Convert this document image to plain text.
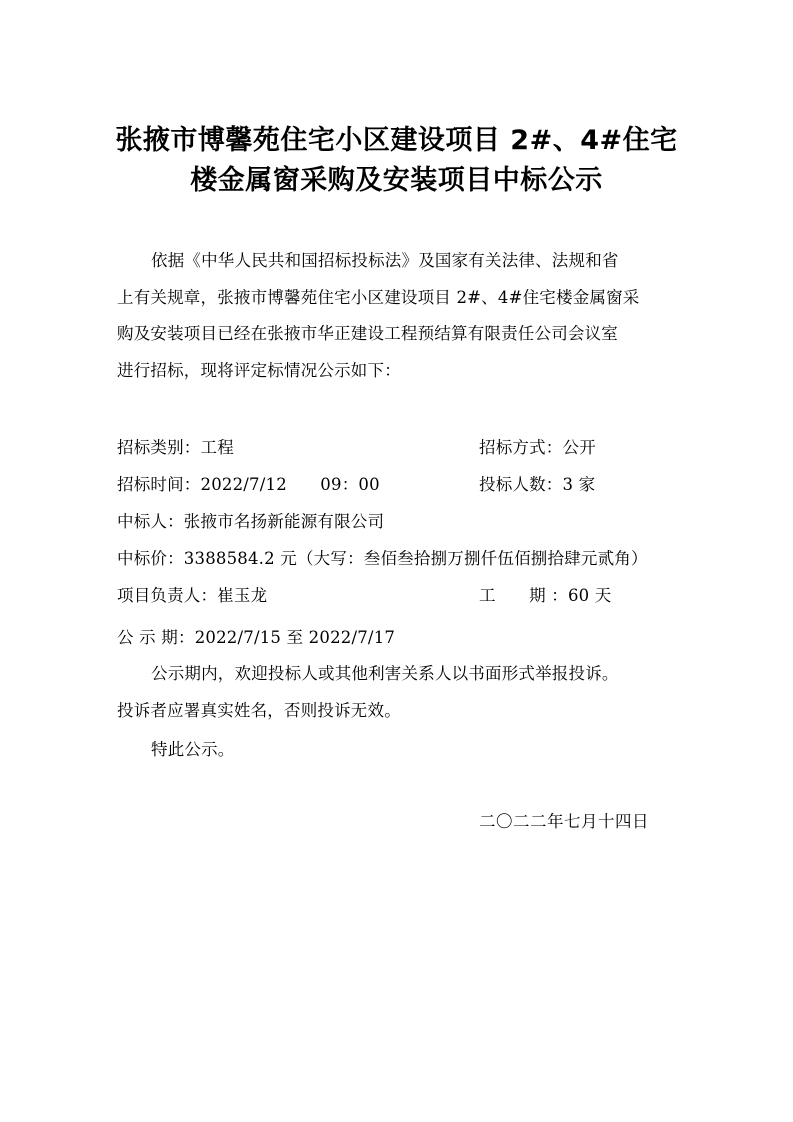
张掖市博馨苑住宅小区建设项目 2#、4#住宅
楼金属窗采购及安装项目中标公示
依据《中华人民共和国招标投标法》及国家有关法律、法规和省
上有关规章，张掖市博馨苑住宅小区建设项目 2#、4#住宅楼金属窗采
购及安装项目已经在张掖市华正建设工程预结算有限责任公司会议室
进行招标，现将评定标情况公示如下：
招标类别：工程	招标方式：公开
招标时间：2022/7/12　　09：00	投标人数：3 家
中标人：张掖市名扬新能源有限公司
中标价：3388584.2 元（大写：叁佰叁拾捌万捌仟伍佰捌拾肆元贰角）
项目负责人：崔玉龙	工　　期 ：60 天
公 示 期：2022/7/15 至 2022/7/17
公示期内，欢迎投标人或其他利害关系人以书面形式举报投诉。
投诉者应署真实姓名，否则投诉无效。
特此公示。
二〇二二年七月十四日
